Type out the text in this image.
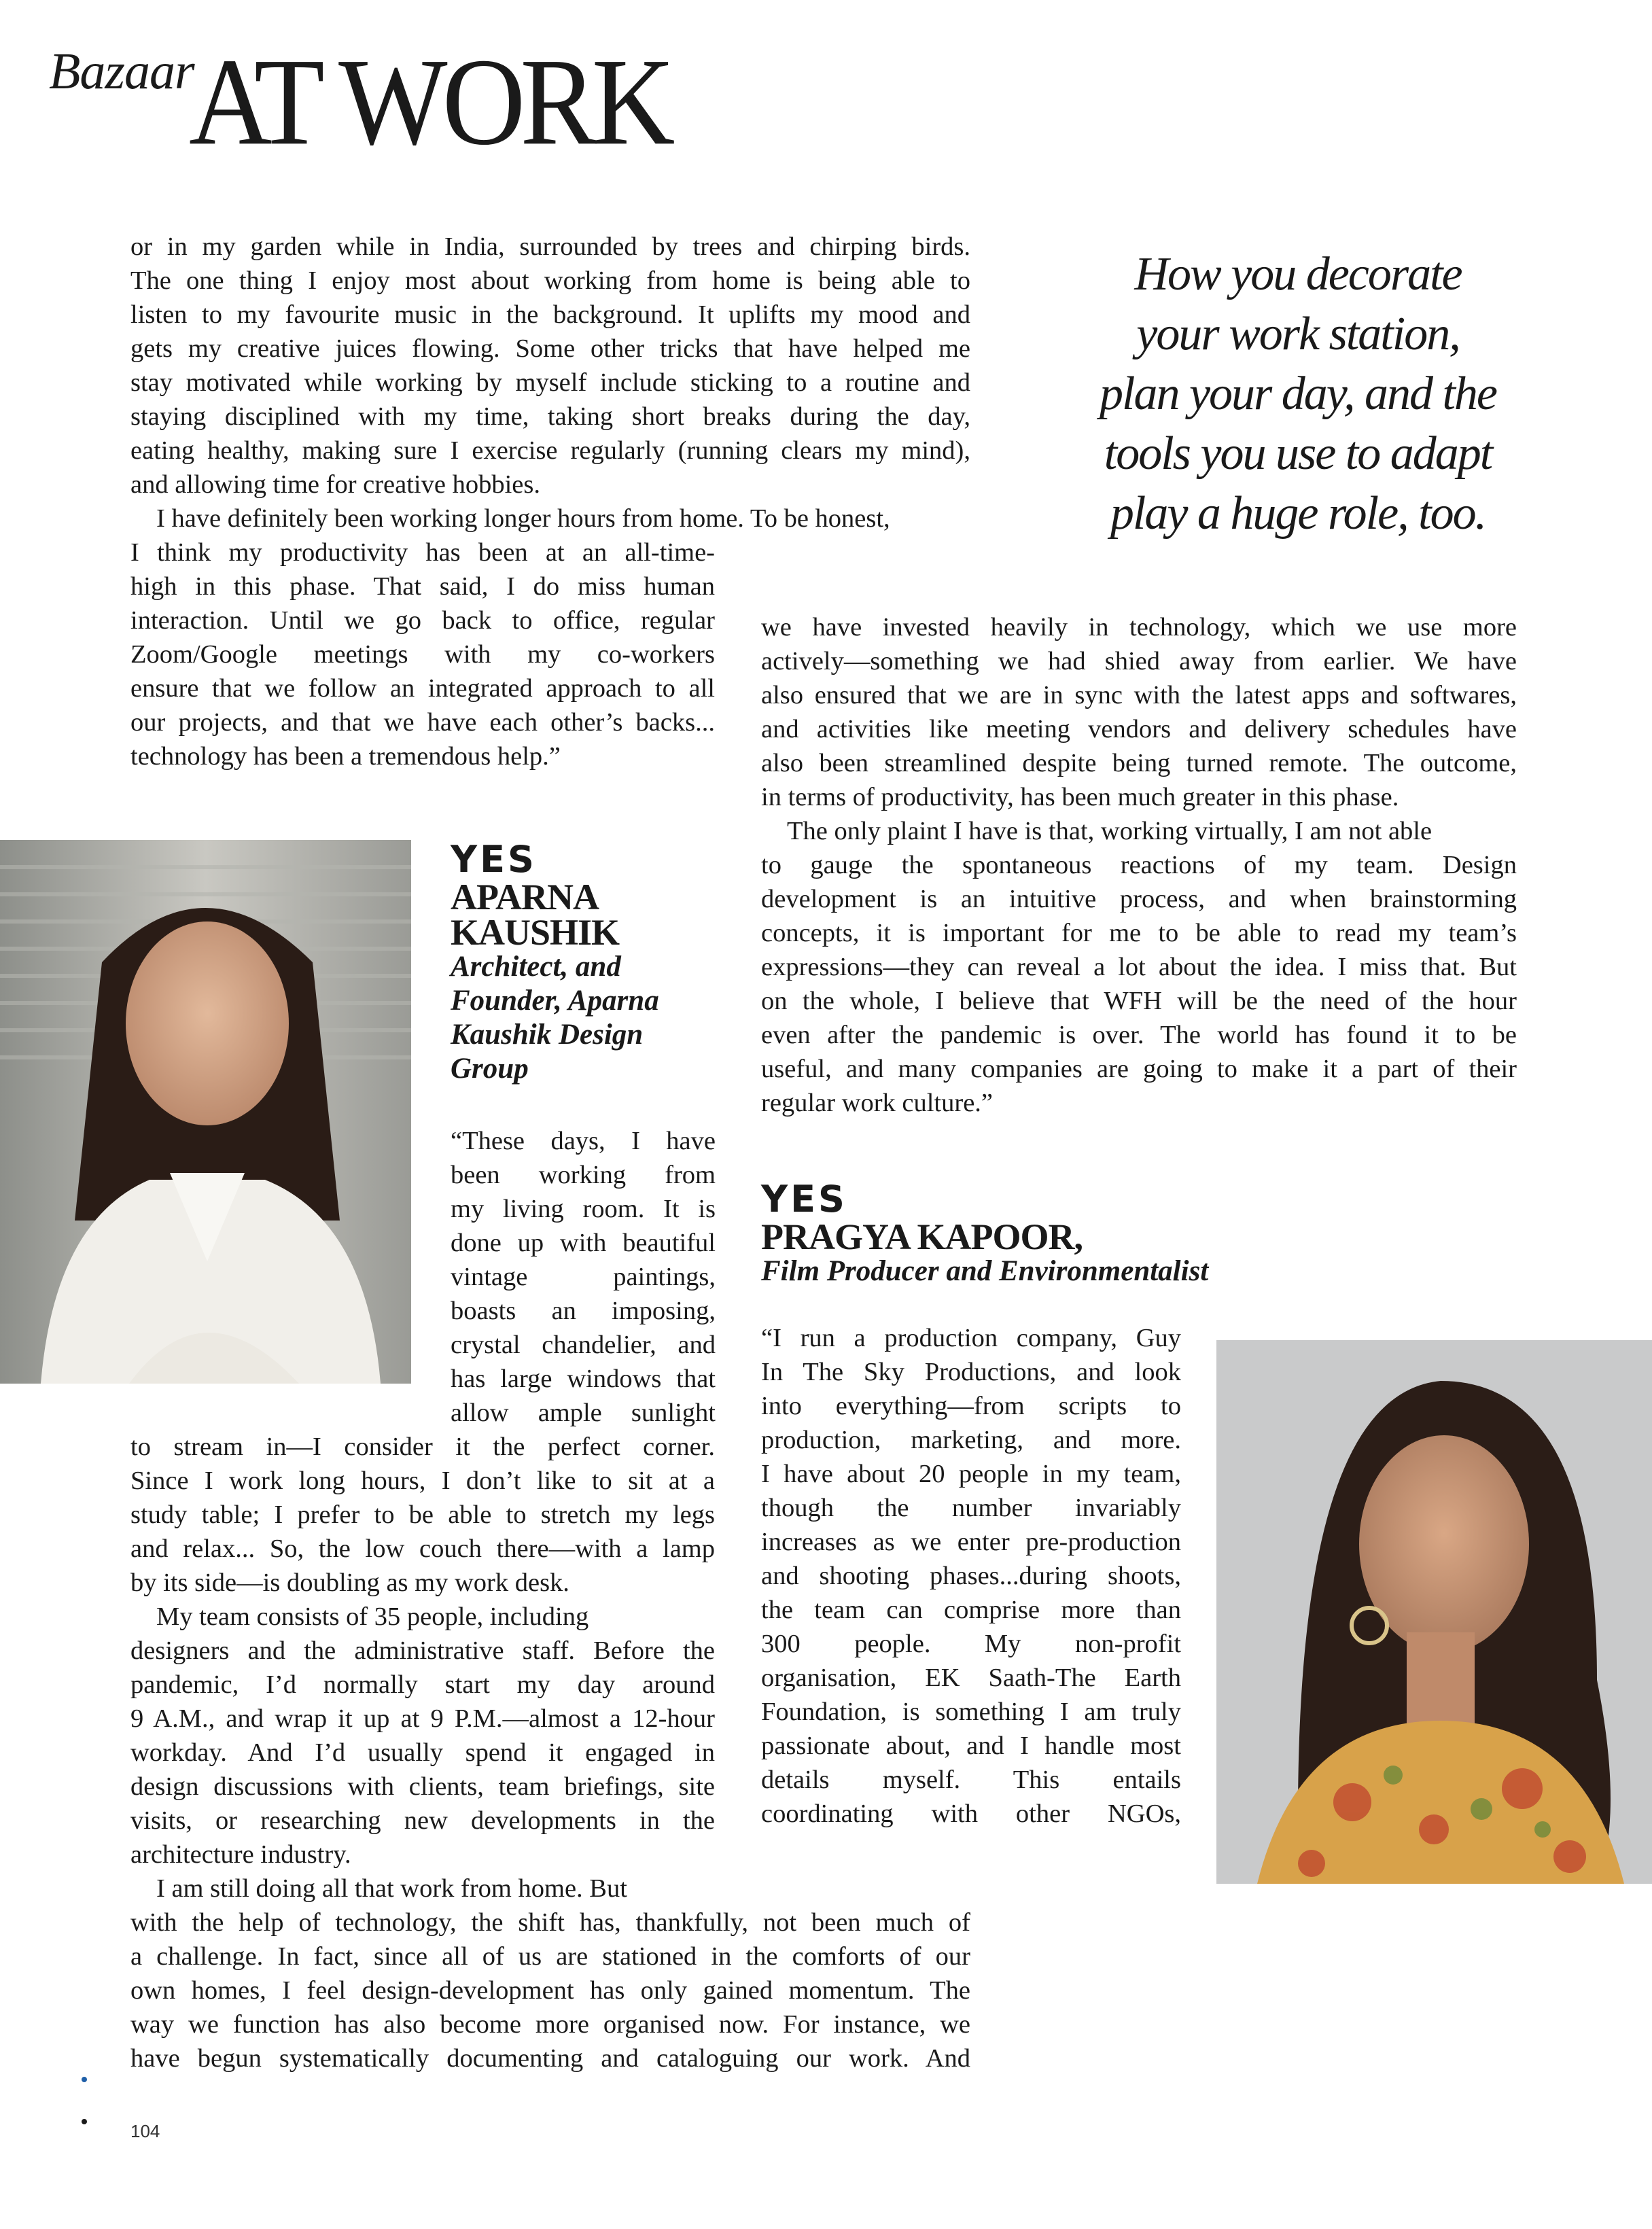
Bazaar
AT WORK

or in my garden while in India, surrounded by trees and chirping birds.
The one thing I enjoy most about working from home is being able to
listen to my favourite music in the background. It uplifts my mood and
gets my creative juices flowing. Some other tricks that have helped me
stay motivated while working by myself include sticking to a routine and
staying disciplined with my time, taking short breaks during the day,
eating healthy, making sure I exercise regularly (running clears my mind),
and allowing time for creative hobbies.

I have definitely been working longer hours from home. To be honest,

I think my productivity has been at an all-time-
high in this phase. That said, I do miss human
interaction. Until we go back to office, regular
Zoom/Google meetings with my co-workers
ensure that we follow an integrated approach to all
our projects, and that we have each other’s backs...
technology has been a tremendous help.”
How you decorate
your work station,
plan your day, and the
tools you use to adapt
play a huge role, too.
YES
APARNA
KAUSHIK
Architect, and
Founder, Aparna
Kaushik Design
Group
“These days, I have
been working from
my living room. It is
done up with beautiful
vintage paintings,
boasts an imposing,
crystal chandelier, and
has large windows that
allow ample sunlight
to stream in—I consider it the perfect corner.
Since I work long hours, I don’t like to sit at a
study table; I prefer to be able to stretch my legs
and relax... So, the low couch there—with a lamp
by its side—is doubling as my work desk.

My team consists of 35 people, including

designers and the administrative staff. Before the
pandemic, I’d normally start my day around
9 A.M., and wrap it up at 9 P.M.—almost a 12-hour
workday. And I’d usually spend it engaged in
design discussions with clients, team briefings, site
visits, or researching new developments in the
architecture industry.

I am still doing all that work from home. But

with the help of technology, the shift has, thankfully, not been much of
a challenge. In fact, since all of us are stationed in the comforts of our
own homes, I feel design-development has only gained momentum. The
way we function has also become more organised now. For instance, we
have begun systematically documenting and cataloguing our work. And
we have invested heavily in technology, which we use more
actively—something we had shied away from earlier. We have
also ensured that we are in sync with the latest apps and softwares,
and activities like meeting vendors and delivery schedules have
also been streamlined despite being turned remote. The outcome,
in terms of productivity, has been much greater in this phase.

The only plaint I have is that, working virtually, I am not able

to gauge the spontaneous reactions of my team. Design
development is an intuitive process, and when brainstorming
concepts, it is important for me to be able to read my team’s
expressions—they can reveal a lot about the idea. I miss that. But
on the whole, I believe that WFH will be the need of the hour
even after the pandemic is over. The world has found it to be
useful, and many companies are going to make it a part of their
regular work culture.”
YES
PRAGYA KAPOOR,
Film Producer and Environmentalist
“I run a production company, Guy
In The Sky Productions, and look
into everything—from scripts to
production, marketing, and more.
I have about 20 people in my team,
though the number invariably
increases as we enter pre-production
and shooting phases...during shoots,
the team can comprise more than
300 people. My non-profit
organisation, EK Saath-The Earth
Foundation, is something I am truly
passionate about, and I handle most
details myself. This entails
coordinating with other NGOs,
104
